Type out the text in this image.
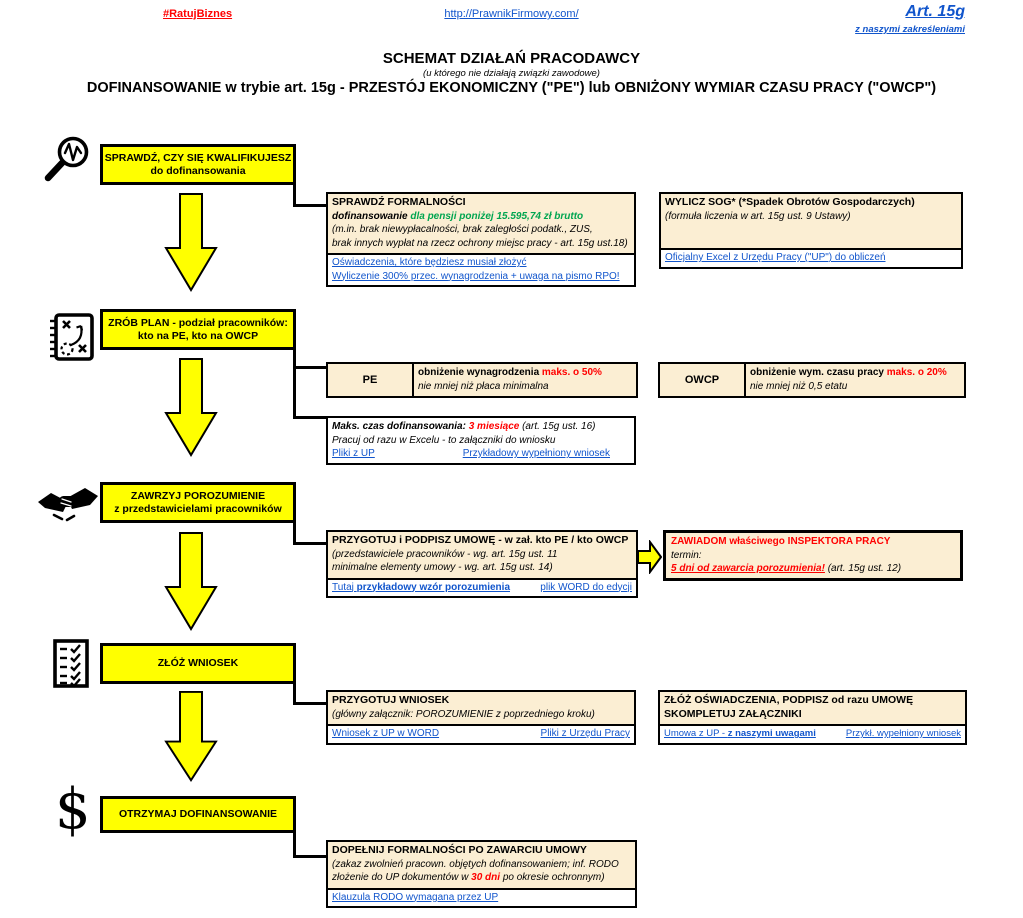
#RatujBiznes	http://PrawnikFirmowy.com/	Art. 15g
z naszymi zakreśleniami
SCHEMAT DZIAŁAŃ PRACODAWCY
(u którego nie działają związki zawodowe)
DOFINANSOWANIE w trybie art. 15g - PRZESTÓJ EKONOMICZNY ("PE") lub OBNIŻONY WYMIAR CZASU PRACY ("OWCP")
SPRAWDŹ, CZY SIĘ KWALIFIKUJESZ
do dofinansowania
SPRAWDŹ FORMALNOŚCI
dofinansowanie dla pensji poniżej 15.595,74 zł brutto
(m.in. brak niewypłacalności, brak zaległości podatk., ZUS,
brak innych wypłat na rzecz ochrony miejsc pracy - art. 15g ust.18)
Oświadczenia, które będziesz musiał złożyć
Wyliczenie 300% przec. wynagrodzenia + uwaga na pismo RPO!
WYLICZ SOG* (*Spadek Obrotów Gospodarczych)
(formuła liczenia w art. 15g ust. 9 Ustawy)
Oficjalny Excel z Urzędu Pracy ("UP") do obliczeń
ZRÓB PLAN - podział pracowników:
kto na PE, kto na OWCP
PE
obniżenie wynagrodzenia maks. o 50%
nie mniej niż płaca minimalna
OWCP
obniżenie wym. czasu pracy maks. o 20%
nie mniej niż 0,5 etatu
Maks. czas dofinansowania: 3 miesiące (art. 15g ust. 16)
Pracuj od razu w Excelu - to załączniki do wniosku
Pliki z UP	Przykładowy wypełniony wniosek
ZAWRZYJ POROZUMIENIE
z przedstawicielami pracowników
PRZYGOTUJ i PODPISZ UMOWĘ - w zał. kto PE / kto OWCP
(przedstawiciele pracowników - wg. art. 15g ust. 11
minimalne elementy umowy - wg. art. 15g ust. 14)
Tutaj przykładowy wzór porozumienia	plik WORD do edycji
ZAWIADOM właściwego INSPEKTORA PRACY
termin:
5 dni od zawarcia porozumienia! (art. 15g ust. 12)
ZŁÓŻ WNIOSEK
PRZYGOTUJ WNIOSEK
(główny załącznik: POROZUMIENIE z poprzedniego kroku)
Wniosek z UP w WORD	Pliki z Urzędu Pracy
ZŁÓŻ OŚWIADCZENIA, PODPISZ od razu UMOWĘ
SKOMPLETUJ ZAŁĄCZNIKI
Umowa z UP - z naszymi uwagami	Przykł. wypełniony wniosek
$	OTRZYMAJ DOFINANSOWANIE
DOPEŁNIJ FORMALNOŚCI PO ZAWARCIU UMOWY
(zakaz zwolnień pracown. objętych dofinansowaniem; inf. RODO
złożenie do UP dokumentów w 30 dni po okresie ochronnym)
Klauzula RODO wymagana przez UP
